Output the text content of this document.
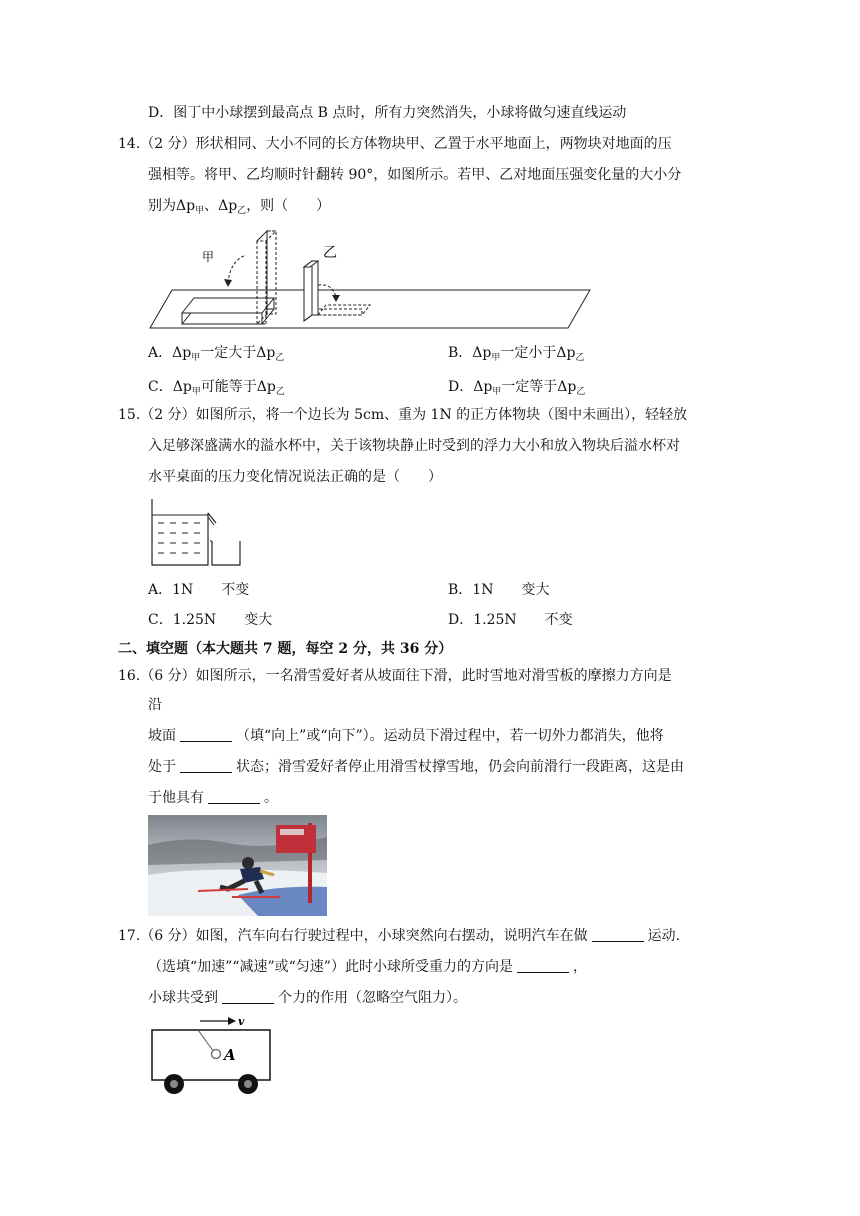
D．图丁中小球摆到最高点 B 点时，所有力突然消失，小球将做匀速直线运动
14.（2 分）形状相同、大小不同的长方体物块甲、乙置于水平地面上，两物块对地面的压
强相等。将甲、乙均顺时针翻转 90°，如图所示。若甲、乙对地面压强变化量的大小分
别为$\Delta p_甲$、$\Delta p_乙$，则（　　）
甲	乙
A．$\Delta p_甲$一定大于$\Delta p_乙$	B．$\Delta p_甲$一定小于$\Delta p_乙$
C．$\Delta p_甲$可能等于$\Delta p_乙$	D．$\Delta p_甲$一定等于$\Delta p_乙$
15.（2 分）如图所示，将一个边长为 5cm、重为 1N 的正方体物块（图中未画出），轻轻放
入足够深盛满水的溢水杯中，关于该物块静止时受到的浮力大小和放入物块后溢水杯对
水平桌面的压力变化情况说法正确的是（　　）
A．1N　　不变	B．1N　　变大
C．1.25N　　变大	D．1.25N　　不变
二、填空题（本大题共 7 题，每空 2 分，共 36 分）
16.（6 分）如图所示，一名滑雪爱好者从坡面往下滑，此时雪地对滑雪板的摩擦力方向是
沿
坡面	（填“向上”或“向下”）。运动员下滑过程中，若一切外力都消失，他将
处于	状态；滑雪爱好者停止用滑雪杖撑雪地，仍会向前滑行一段距离，这是由
于他具有	。
17.（6 分）如图，汽车向右行驶过程中，小球突然向右摆动，说明汽车在做	运动.
（选填“加速”“减速”或“匀速”）此时小球所受重力的方向是	，
小球共受到	个力的作用（忽略空气阻力）。
v
A
